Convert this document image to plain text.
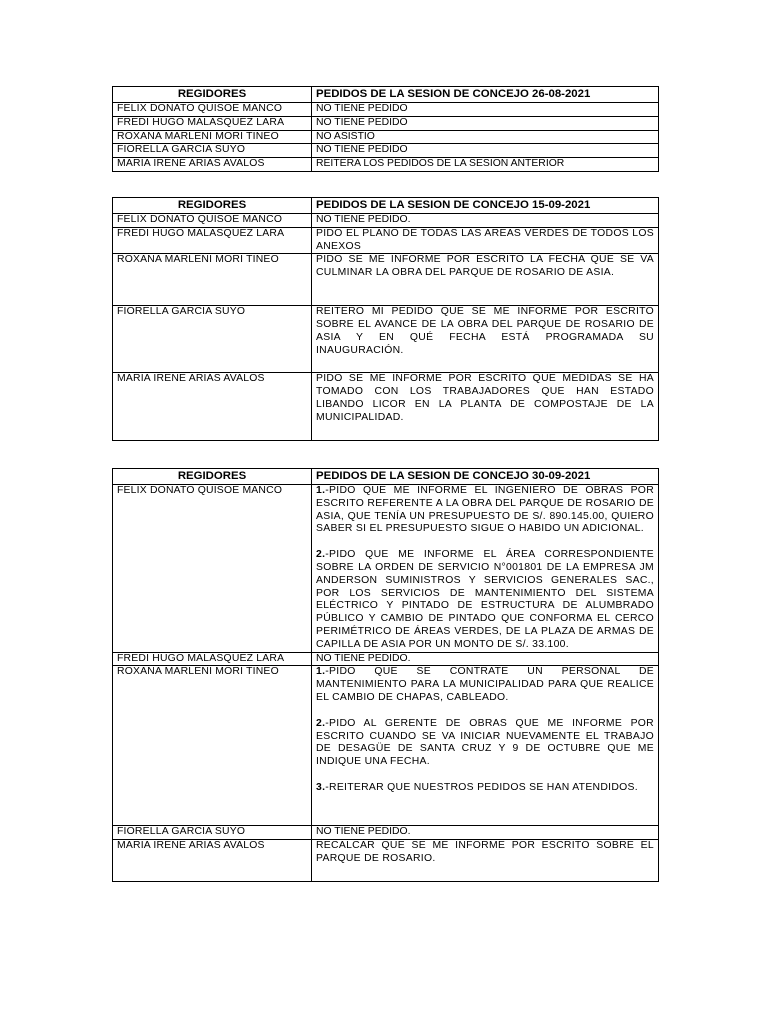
REGIDORES	PEDIDOS DE LA SESION DE CONCEJO 26-08-2021
FELIX DONATO QUISOE MANCO	NO TIENE PEDIDO
FREDI HUGO MALASQUEZ LARA	NO TIENE PEDIDO
ROXANA MARLENI MORI TINEO	NO ASISTIO
FIORELLA GARCIA SUYO	NO TIENE PEDIDO
MARIA IRENE ARIAS AVALOS	REITERA LOS PEDIDOS DE LA SESION ANTERIOR
REGIDORES	PEDIDOS DE LA SESION DE CONCEJO 15-09-2021
FELIX DONATO QUISOE MANCO	NO TIENE PEDIDO.
FREDI HUGO MALASQUEZ LARA	PIDO EL PLANO DE TODAS LAS AREAS VERDES DE TODOS LOS ANEXOS
ROXANA MARLENI MORI TINEO	PIDO SE ME INFORME POR ESCRITO LA FECHA QUE SE VA CULMINAR LA OBRA DEL PARQUE DE ROSARIO DE ASIA.
FIORELLA GARCIA SUYO	REITERO MI PEDIDO QUE SE ME INFORME POR ESCRITO SOBRE EL AVANCE DE LA OBRA DEL PARQUE DE ROSARIO DE ASIA Y EN QUÉ FECHA ESTÁ PROGRAMADA SU INAUGURACIÓN.
MARIA IRENE ARIAS AVALOS	PIDO SE ME INFORME POR ESCRITO QUE MEDIDAS SE HA TOMADO CON LOS TRABAJADORES QUE HAN ESTADO LIBANDO LICOR EN LA PLANTA DE COMPOSTAJE DE LA MUNICIPALIDAD.
REGIDORES	PEDIDOS DE LA SESION DE CONCEJO 30-09-2021
FELIX DONATO QUISOE MANCO	1.-PIDO QUE ME INFORME EL INGENIERO DE OBRAS POR ESCRITO REFERENTE A LA OBRA DEL PARQUE DE ROSARIO DE ASIA, QUE TENÍA UN PRESUPUESTO DE S/. 890.145.00, QUIERO SABER SI EL PRESUPUESTO SIGUE O HABIDO UN ADICIONAL.

2.-PIDO QUE ME INFORME EL ÁREA CORRESPONDIENTE SOBRE LA ORDEN DE SERVICIO N°001801 DE LA EMPRESA JM ANDERSON SUMINISTROS Y SERVICIOS GENERALES SAC., POR LOS SERVICIOS DE MANTENIMIENTO DEL SISTEMA ELÉCTRICO Y PINTADO DE ESTRUCTURA DE ALUMBRADO PÚBLICO Y CAMBIO DE PINTADO QUE CONFORMA EL CERCO PERIMÉTRICO DE ÁREAS VERDES, DE LA PLAZA DE ARMAS DE CAPILLA DE ASIA POR UN MONTO DE S/. 33.100.

FREDI HUGO MALASQUEZ LARA	NO TIENE PEDIDO.
ROXANA MARLENI MORI TINEO	1.-PIDO QUE SE CONTRATE UN PERSONAL DE MANTENIMIENTO PARA LA MUNICIPALIDAD PARA QUE REALICE EL CAMBIO DE CHAPAS, CABLEADO.

2.-PIDO AL GERENTE DE OBRAS QUE ME INFORME POR ESCRITO CUANDO SE VA INICIAR NUEVAMENTE EL TRABAJO DE DESAGÜE DE SANTA CRUZ Y 9 DE OCTUBRE QUE ME INDIQUE UNA FECHA.

3.-REITERAR QUE NUESTROS PEDIDOS SE HAN ATENDIDOS.

FIORELLA GARCIA SUYO	NO TIENE PEDIDO.
MARIA IRENE ARIAS AVALOS	RECALCAR QUE SE ME INFORME POR ESCRITO SOBRE EL PARQUE DE ROSARIO.
